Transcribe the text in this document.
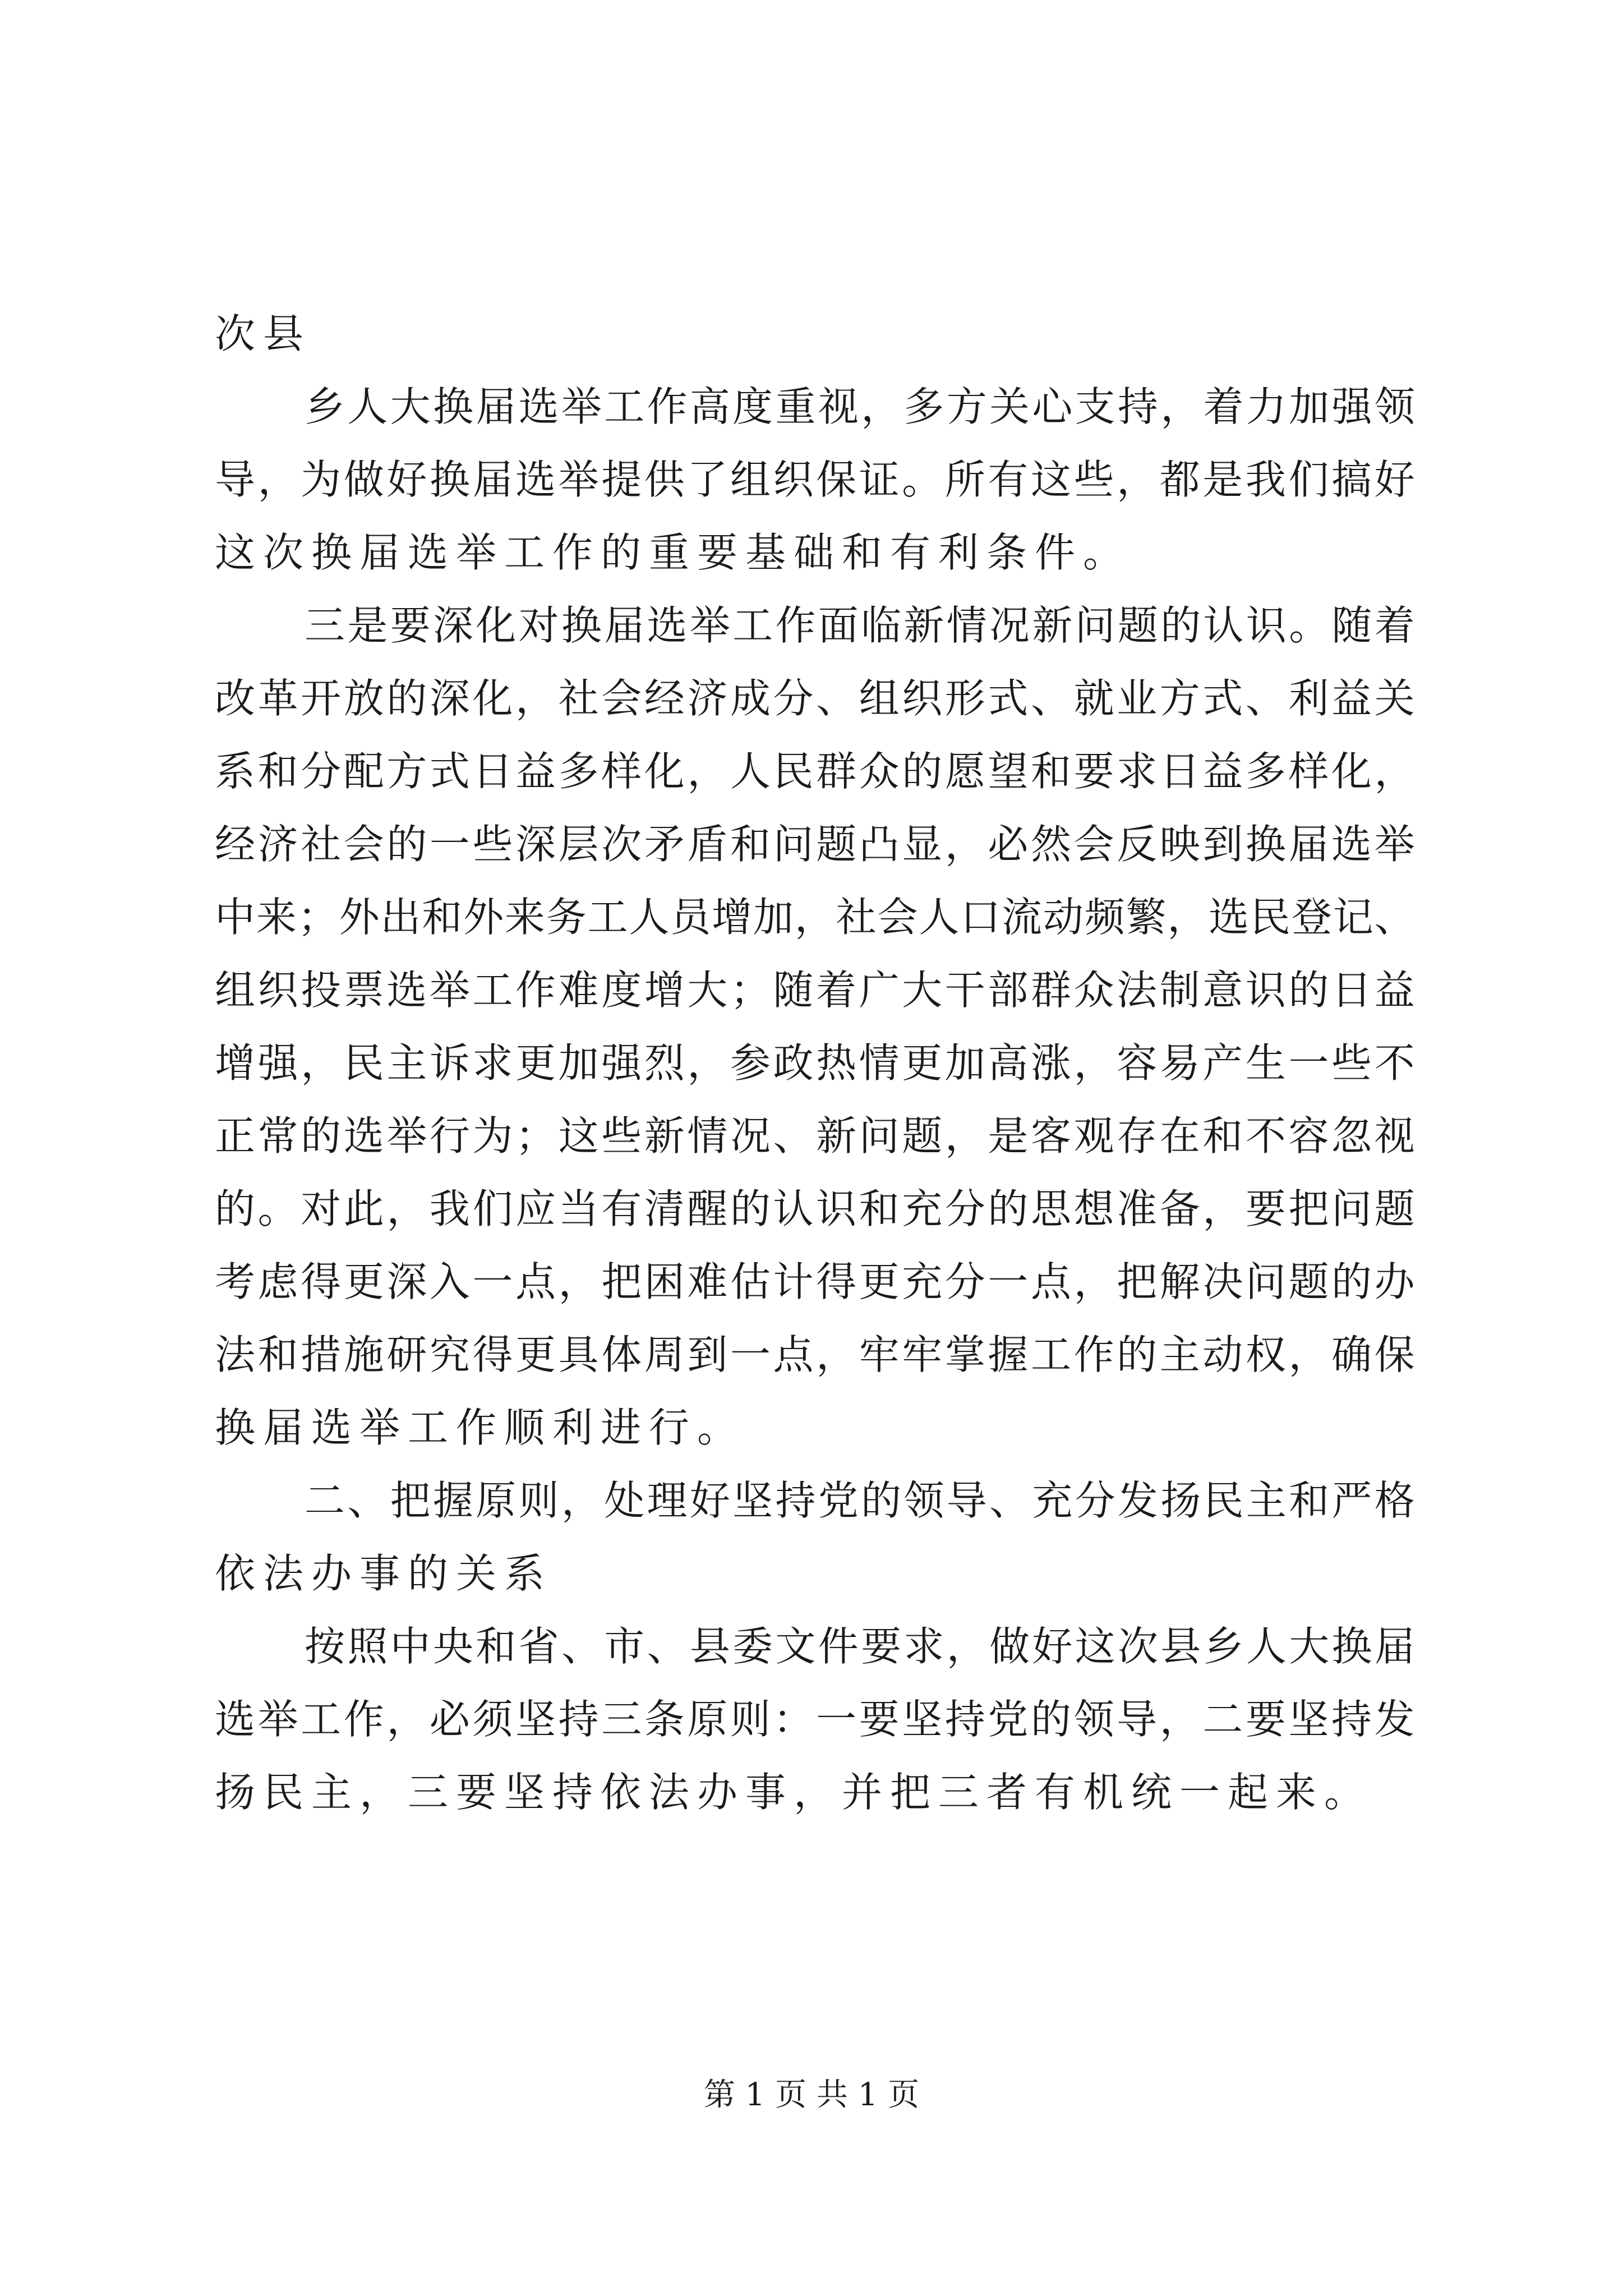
次县
乡 人 大 换 届 选 举 工 作 高 度 重 视 ， 多 方 关 心 支 持 ， 着 力 加 强 领
导 ， 为 做 好 换 届 选 举 提 供 了 组 织 保 证 。 所 有 这 些 ， 都 是 我 们 搞 好
这次换届选举工作的重要基础和有利条件。
三 是 要 深 化 对 换 届 选 举 工 作 面 临 新 情 况 新 问 题 的 认 识 。 随 着
改 革 开 放 的 深 化 ， 社 会 经 济 成 分 、 组 织 形 式 、 就 业 方 式 、 利 益 关
系 和 分 配 方 式 日 益 多 样 化 ， 人 民 群 众 的 愿 望 和 要 求 日 益 多 样 化 ，
经 济 社 会 的 一 些 深 层 次 矛 盾 和 问 题 凸 显 ， 必 然 会 反 映 到 换 届 选 举
中 来 ； 外 出 和 外 来 务 工 人 员 增 加 ， 社 会 人 口 流 动 频 繁 ， 选 民 登 记 、
组 织 投 票 选 举 工 作 难 度 增 大 ； 随 着 广 大 干 部 群 众 法 制 意 识 的 日 益
增 强 ， 民 主 诉 求 更 加 强 烈 ， 参 政 热 情 更 加 高 涨 ， 容 易 产 生 一 些 不
正 常 的 选 举 行 为 ； 这 些 新 情 况 、 新 问 题 ， 是 客 观 存 在 和 不 容 忽 视
的 。 对 此 ， 我 们 应 当 有 清 醒 的 认 识 和 充 分 的 思 想 准 备 ， 要 把 问 题
考 虑 得 更 深 入 一 点 ， 把 困 难 估 计 得 更 充 分 一 点 ， 把 解 决 问 题 的 办
法 和 措 施 研 究 得 更 具 体 周 到 一 点 ， 牢 牢 掌 握 工 作 的 主 动 权 ， 确 保
换届选举工作顺利进行。
二 、 把 握 原 则 ， 处 理 好 坚 持 党 的 领 导 、 充 分 发 扬 民 主 和 严 格
依法办事的关系
按 照 中 央 和 省 、 市 、 县 委 文 件 要 求 ， 做 好 这 次 县 乡 人 大 换 届
选 举 工 作 ， 必 须 坚 持 三 条 原 则 ： 一 要 坚 持 党 的 领 导 ， 二 要 坚 持 发
扬民主，三要坚持依法办事，并把三者有机统一起来。
第 1 页 共 1 页
